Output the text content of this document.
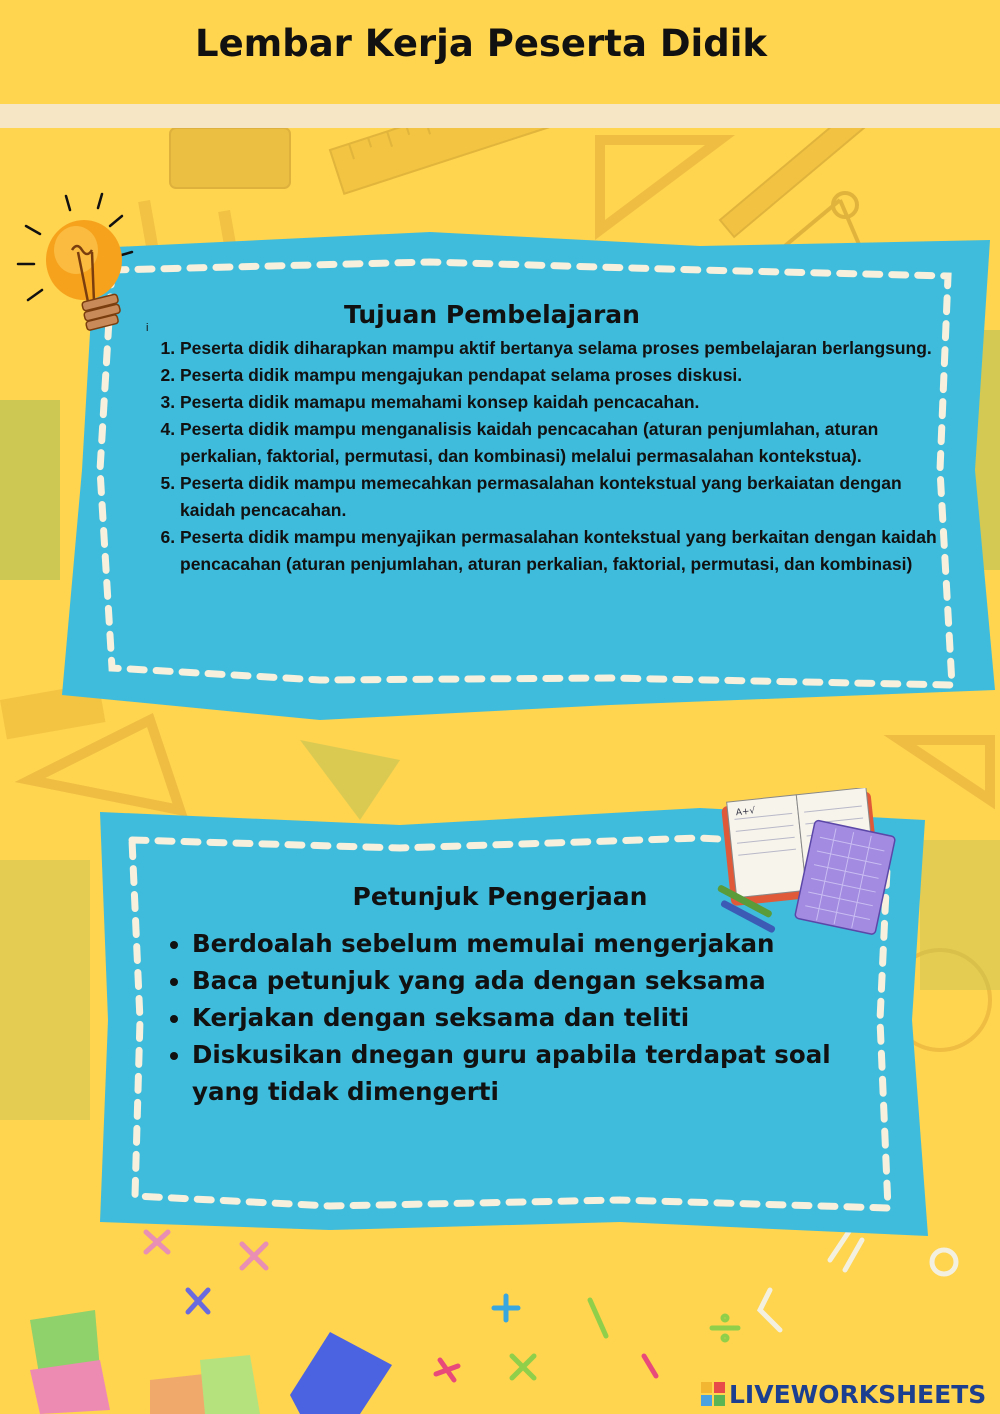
Lembar Kerja Peserta Didik
A+√
i	Tujuan Pembelajaran
1. Peserta didik diharapkan mampu aktif bertanya selama proses pembelajaran berlangsung.
2. Peserta didik mampu mengajukan pendapat selama proses diskusi.
3. Peserta didik mamapu memahami konsep kaidah pencacahan.
4. Peserta didik mampu menganalisis kaidah pencacahan (aturan penjumlahan, aturan perkalian, faktorial, permutasi, dan kombinasi) melalui permasalahan kontekstua).
5. Peserta didik mampu memecahkan permasalahan kontekstual yang berkaiatan dengan kaidah pencacahan.
6. Peserta didik mampu menyajikan permasalahan kontekstual yang berkaitan dengan kaidah pencacahan (aturan penjumlahan, aturan perkalian, faktorial, permutasi, dan kombinasi)
Petunjuk Pengerjaan
• Berdoalah sebelum memulai mengerjakan
• Baca petunjuk yang ada dengan seksama
• Kerjakan dengan seksama dan teliti
• Diskusikan dnegan guru apabila terdapat soal yang tidak dimengerti
LIVEWORKSHEETS
